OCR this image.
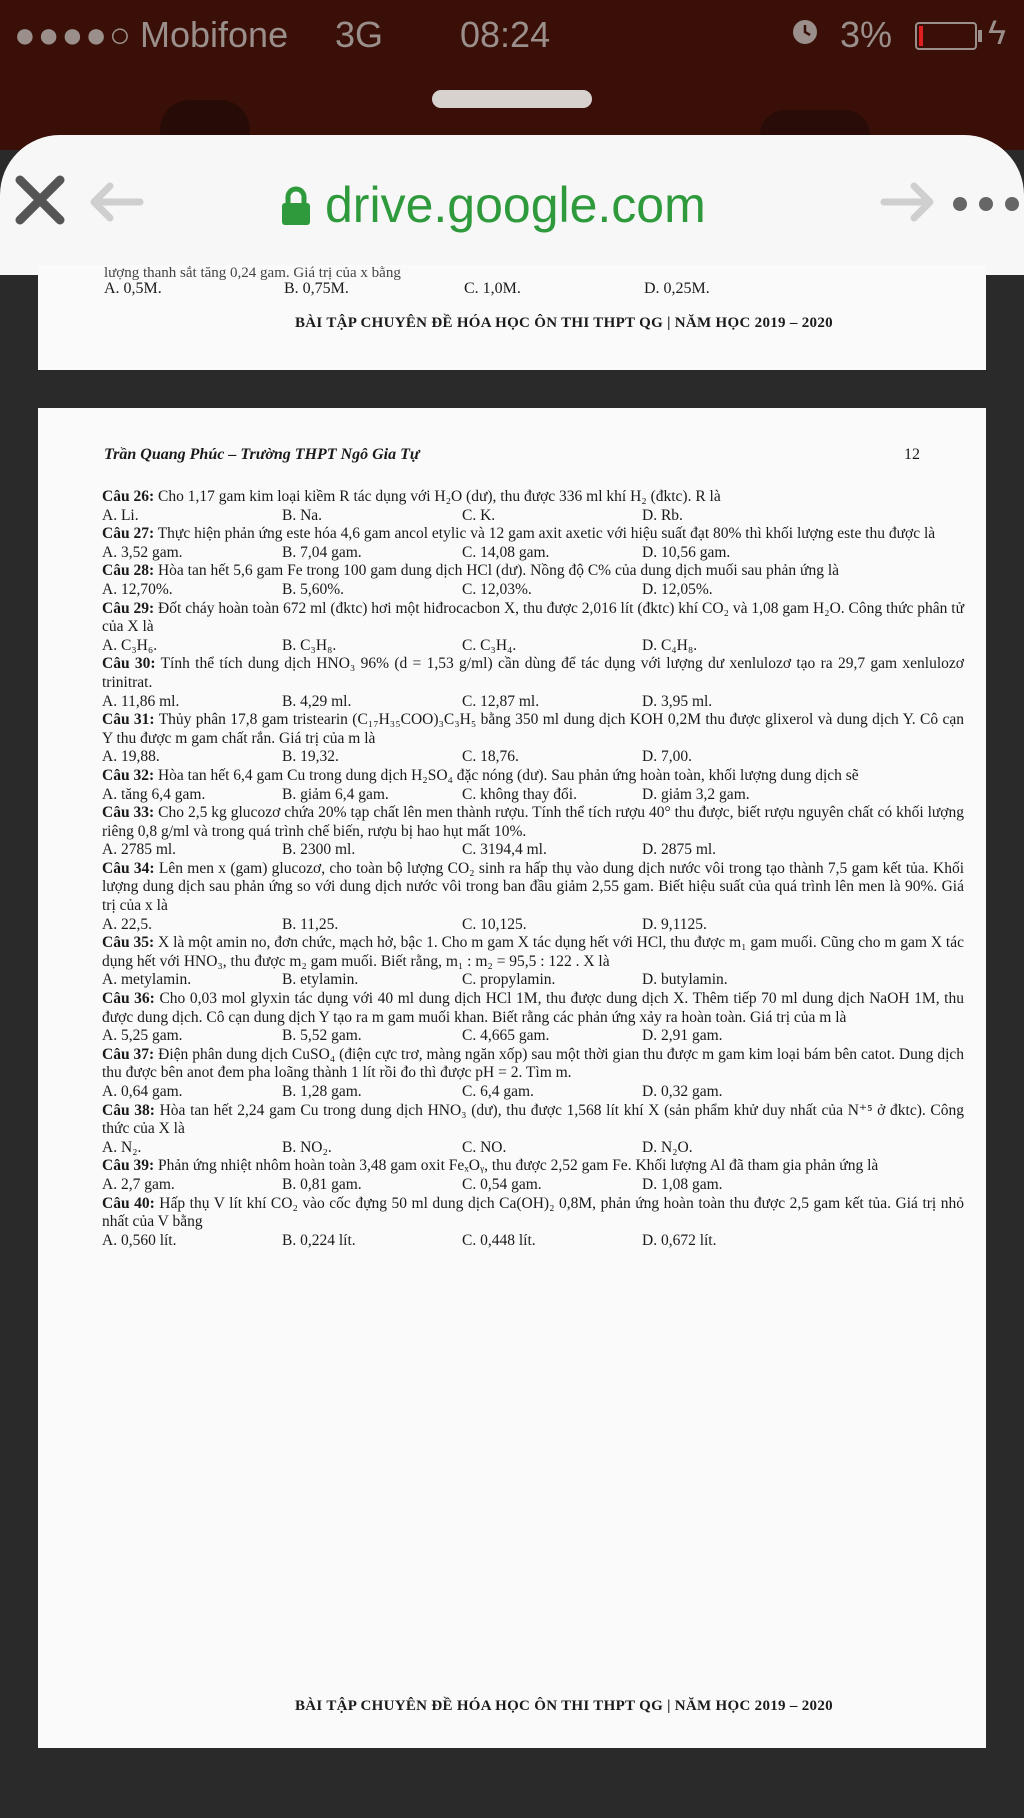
●●●●○ Mobifone 3G 08:24	3%	ϟ
drive.google.com
lượng thanh sắt tăng 0,24 gam. Giá trị của x bằng
A. 0,5M.	B. 0,75M.	C. 1,0M.	D. 0,25M.
BÀI TẬP CHUYÊN ĐỀ HÓA HỌC ÔN THI THPT QG | NĂM HỌC 2019 – 2020
Trần Quang Phúc – Trường THPT Ngô Gia Tự	12
Câu 26: Cho 1,17 gam kim loại kiềm R tác dụng với H₂O (dư), thu được 336 ml khí H₂ (đktc). R là
A. Li.	B. Na.	C. K.	D. Rb.
Câu 27: Thực hiện phản ứng este hóa 4,6 gam ancol etylic và 12 gam axit axetic với hiệu suất đạt 80% thì khối lượng este thu được là
A. 3,52 gam.	B. 7,04 gam.	C. 14,08 gam.	D. 10,56 gam.
Câu 28: Hòa tan hết 5,6 gam Fe trong 100 gam dung dịch HCl (dư). Nồng độ C% của dung dịch muối sau phản ứng là
A. 12,70%.	B. 5,60%.	C. 12,03%.	D. 12,05%.
Câu 29: Đốt cháy hoàn toàn 672 ml (đktc) hơi một hiđrocacbon X, thu được 2,016 lít (đktc) khí CO₂ và 1,08 gam H₂O. Công thức phân tử của X là
A. C₃H₆.	B. C₃H₈.	C. C₃H₄.	D. C₄H₈.
Câu 30: Tính thể tích dung dịch HNO₃ 96% (d = 1,53 g/ml) cần dùng để tác dụng với lượng dư xenlulozơ tạo ra 29,7 gam xenlulozơ trinitrat.
A. 11,86 ml.	B. 4,29 ml.	C. 12,87 ml.	D. 3,95 ml.
Câu 31: Thủy phân 17,8 gam tristearin (C₁₇H₃₅COO)₃C₃H₅ bằng 350 ml dung dịch KOH 0,2M thu được glixerol và dung dịch Y. Cô cạn Y thu được m gam chất rắn. Giá trị của m là
A. 19,88.	B. 19,32.	C. 18,76.	D. 7,00.
Câu 32: Hòa tan hết 6,4 gam Cu trong dung dịch H₂SO₄ đặc nóng (dư). Sau phản ứng hoàn toàn, khối lượng dung dịch sẽ
A. tăng 6,4 gam.	B. giảm 6,4 gam.	C. không thay đổi.	D. giảm 3,2 gam.
Câu 33: Cho 2,5 kg glucozơ chứa 20% tạp chất lên men thành rượu. Tính thể tích rượu 40° thu được, biết rượu nguyên chất có khối lượng riêng 0,8 g/ml và trong quá trình chế biến, rượu bị hao hụt mất 10%.
A. 2785 ml.	B. 2300 ml.	C. 3194,4 ml.	D. 2875 ml.
Câu 34: Lên men x (gam) glucozơ, cho toàn bộ lượng CO₂ sinh ra hấp thụ vào dung dịch nước vôi trong tạo thành 7,5 gam kết tủa. Khối lượng dung dịch sau phản ứng so với dung dịch nước vôi trong ban đầu giảm 2,55 gam. Biết hiệu suất của quá trình lên men là 90%. Giá trị của x là
A. 22,5.	B. 11,25.	C. 10,125.	D. 9,1125.
Câu 35: X là một amin no, đơn chức, mạch hở, bậc 1. Cho m gam X tác dụng hết với HCl, thu được m₁ gam muối. Cũng cho m gam X tác dụng hết với HNO₃, thu được m₂ gam muối. Biết rằng, m₁ : m₂ = 95,5 : 122 . X là
A. metylamin.	B. etylamin.	C. propylamin.	D. butylamin.
Câu 36: Cho 0,03 mol glyxin tác dụng với 40 ml dung dịch HCl 1M, thu được dung dịch X. Thêm tiếp 70 ml dung dịch NaOH 1M, thu được dung dịch. Cô cạn dung dịch Y tạo ra m gam muối khan. Biết rằng các phản ứng xảy ra hoàn toàn. Giá trị của m là
A. 5,25 gam.	B. 5,52 gam.	C. 4,665 gam.	D. 2,91 gam.
Câu 37: Điện phân dung dịch CuSO₄ (điện cực trơ, màng ngăn xốp) sau một thời gian thu được m gam kim loại bám bên catot. Dung dịch thu được bên anot đem pha loãng thành 1 lít rồi đo thì được pH = 2. Tìm m.
A. 0,64 gam.	B. 1,28 gam.	C. 6,4 gam.	D. 0,32 gam.
Câu 38: Hòa tan hết 2,24 gam Cu trong dung dịch HNO₃ (dư), thu được 1,568 lít khí X (sản phẩm khử duy nhất của N⁺⁵ ở đktc). Công thức của X là
A. N₂.	B. NO₂.	C. NO.	D. N₂O.
Câu 39: Phản ứng nhiệt nhôm hoàn toàn 3,48 gam oxit FeₓOᵧ, thu được 2,52 gam Fe. Khối lượng Al đã tham gia phản ứng là
A. 2,7 gam.	B. 0,81 gam.	C. 0,54 gam.	D. 1,08 gam.
Câu 40: Hấp thụ V lít khí CO₂ vào cốc đựng 50 ml dung dịch Ca(OH)₂ 0,8M, phản ứng hoàn toàn thu được 2,5 gam kết tủa. Giá trị nhỏ nhất của V bằng
A. 0,560 lít.	B. 0,224 lít.	C. 0,448 lít.	D. 0,672 lít.
BÀI TẬP CHUYÊN ĐỀ HÓA HỌC ÔN THI THPT QG | NĂM HỌC 2019 – 2020
